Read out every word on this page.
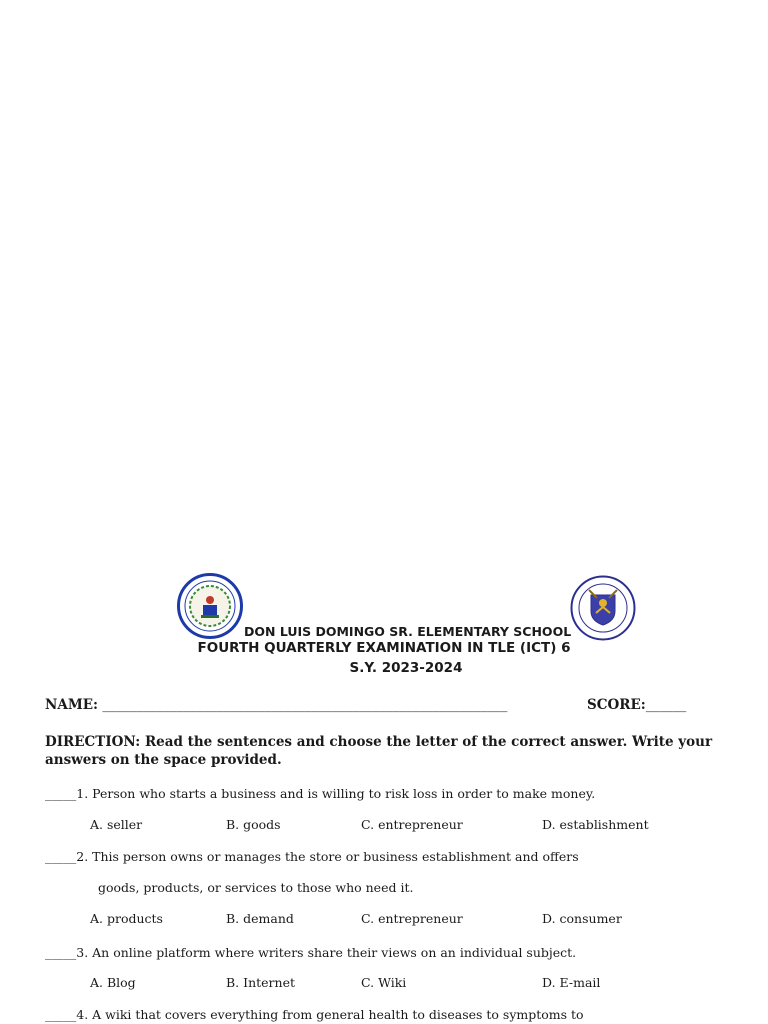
DON LUIS DOMINGO SR. ELEMENTARY SCHOOL
FOURTH QUARTERLY EXAMINATION IN TLE (ICT) 6
S.Y. 2023-2024
NAME: ____________________________________________________________	SCORE:______
DIRECTION: Read the sentences and choose the letter of the correct answer. Write your answers on the space provided.
_____1. Person who starts a business and is willing to risk loss in order to make money.
A. seller	B. goods	C. entrepreneur	D. establishment
_____2. This person owns or manages the store or business establishment and offers
goods, products, or services to those who need it.
A. products	B. demand	C. entrepreneur	D. consumer
_____3. An online platform where writers share their views on an individual subject.
A. Blog	B. Internet	C. Wiki	D. E-mail
_____4. A wiki that covers everything from general health to diseases to symptoms to
